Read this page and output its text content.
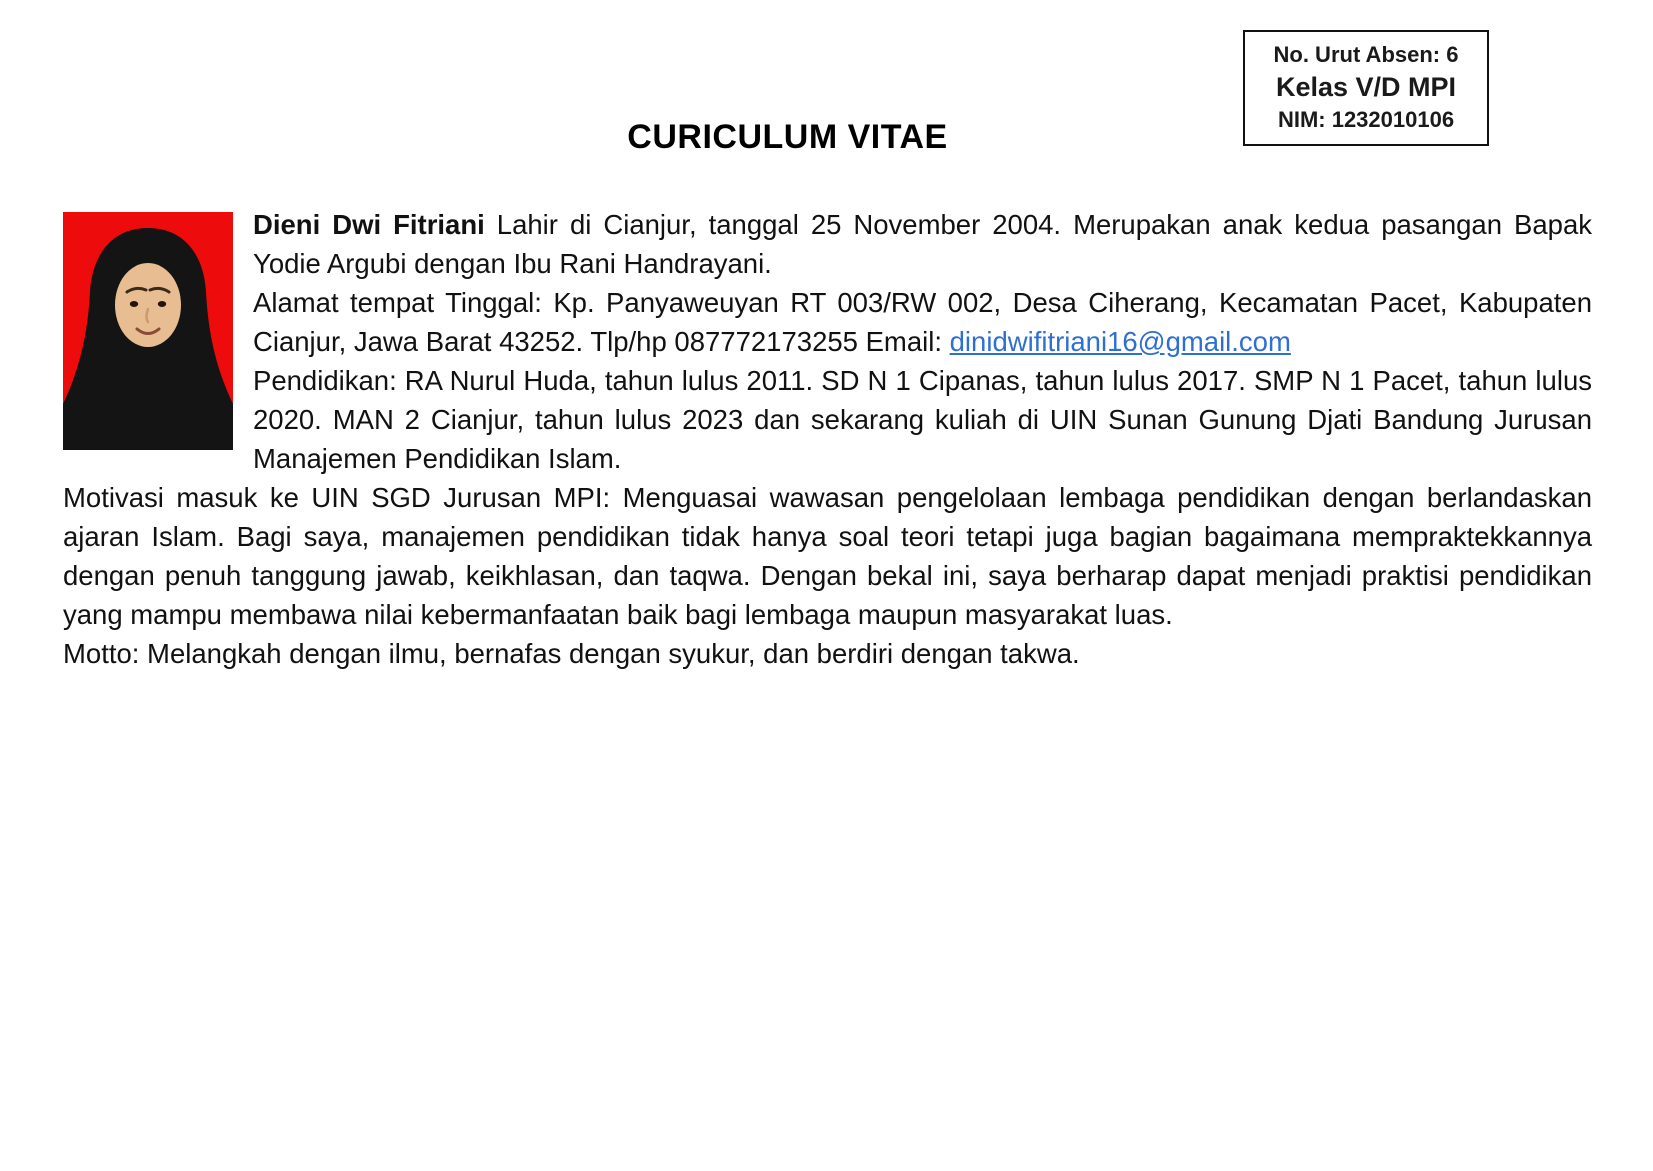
No. Urut Absen: 6
Kelas V/D MPI
NIM: 1232010106
CURICULUM VITAE

Dieni Dwi Fitriani Lahir di Cianjur, tanggal 25 November 2004. Merupakan anak kedua pasangan Bapak Yodie Argubi dengan Ibu Rani Handrayani.

Alamat tempat Tinggal: Kp. Panyaweuyan RT 003/RW 002, Desa Ciherang, Kecamatan Pacet, Kabupaten Cianjur, Jawa Barat 43252. Tlp/hp 087772173255 Email: dinidwifitriani16@gmail.com

Pendidikan: RA Nurul Huda, tahun lulus 2011. SD N 1 Cipanas, tahun lulus 2017. SMP N 1 Pacet, tahun lulus 2020. MAN 2 Cianjur, tahun lulus 2023 dan sekarang kuliah di UIN Sunan Gunung Djati Bandung Jurusan Manajemen Pendidikan Islam.

Motivasi masuk ke UIN SGD Jurusan MPI: Menguasai wawasan pengelolaan lembaga pendidikan dengan berlandaskan ajaran Islam. Bagi saya, manajemen pendidikan tidak hanya soal teori tetapi juga bagian bagaimana mempraktekkannya dengan penuh tanggung jawab, keikhlasan, dan taqwa. Dengan bekal ini, saya berharap dapat menjadi praktisi pendidikan yang mampu membawa nilai kebermanfaatan baik bagi lembaga maupun masyarakat luas.

Motto: Melangkah dengan ilmu, bernafas dengan syukur, dan berdiri dengan takwa.
